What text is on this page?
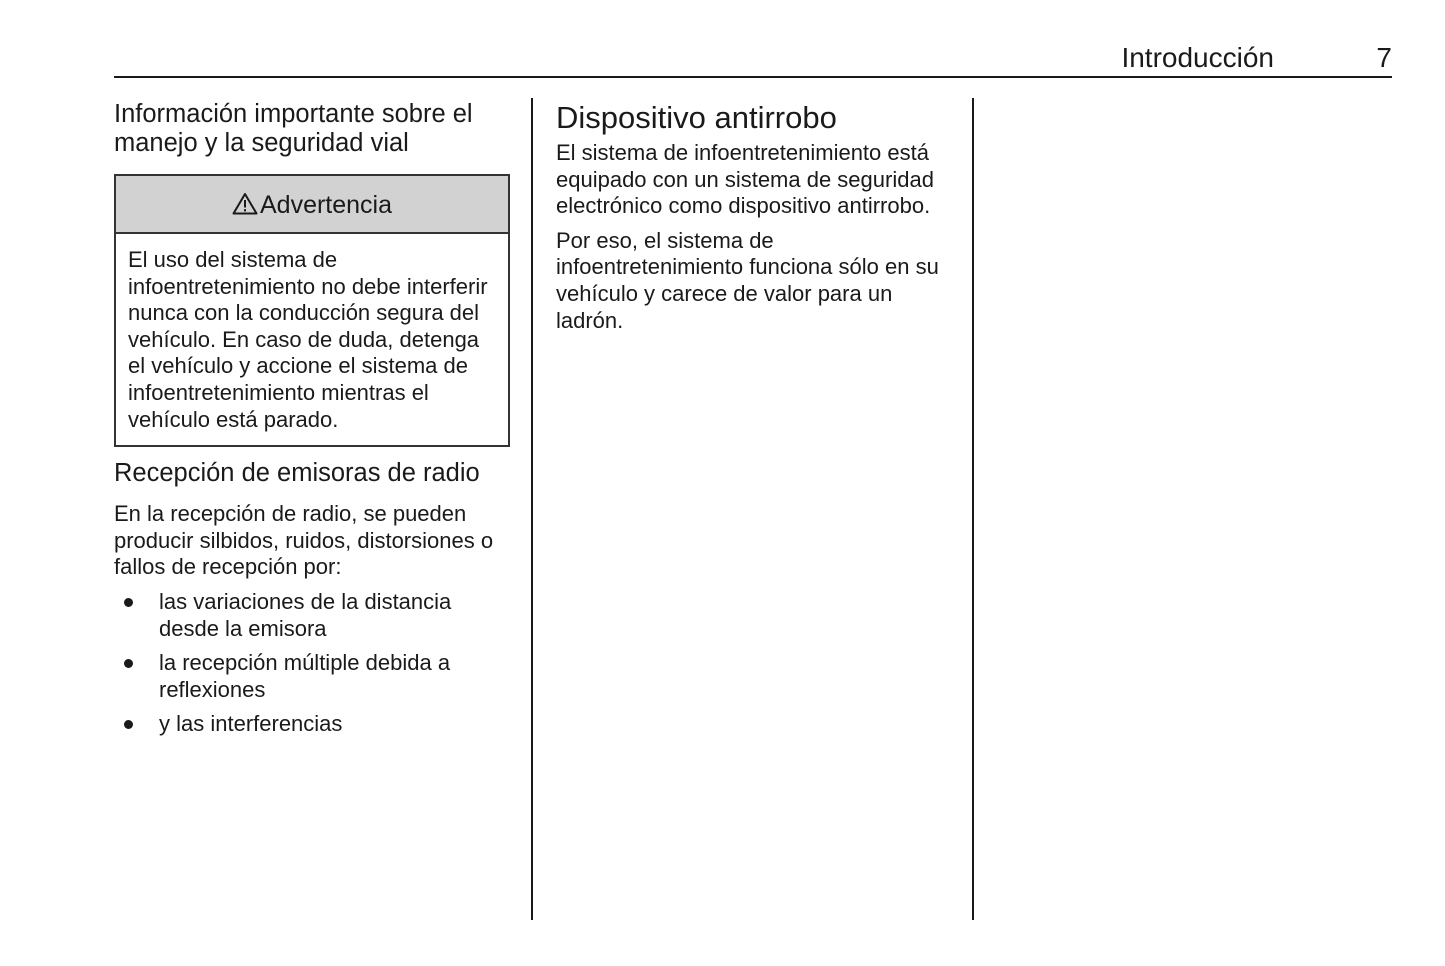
Introducción	7
Información importante sobre el manejo y la seguridad vial
Advertencia
El uso del sistema de infoentretenimiento no debe interferir nunca con la conducción segura del vehículo. En caso de duda, detenga el vehículo y accione el sistema de infoentretenimiento mientras el vehículo está parado.
Recepción de emisoras de radio

En la recepción de radio, se pueden producir silbidos, ruidos, distorsiones o fallos de recepción por:

las variaciones de la distancia desde la emisora
la recepción múltiple debida a reflexiones
y las interferencias
Dispositivo antirrobo

El sistema de infoentretenimiento está equipado con un sistema de seguridad electrónico como dispositivo antirrobo.

Por eso, el sistema de infoentretenimiento funciona sólo en su vehículo y carece de valor para un ladrón.
